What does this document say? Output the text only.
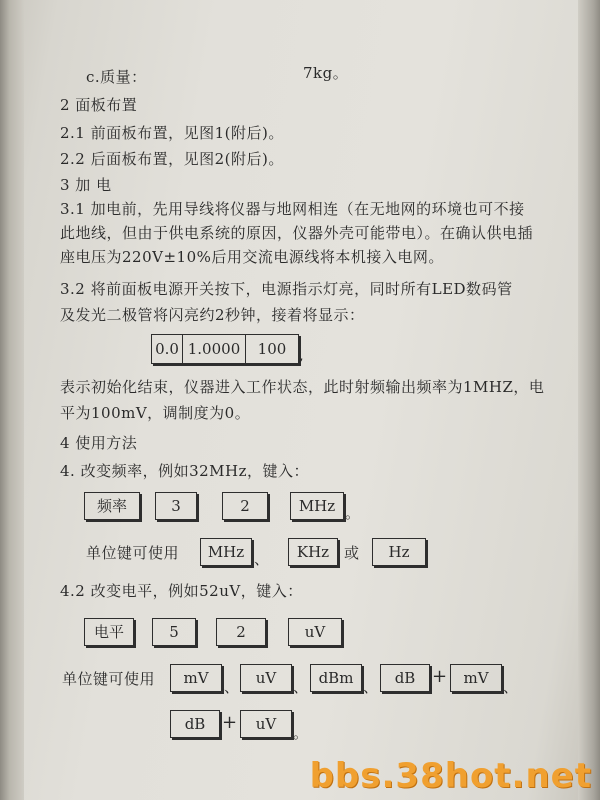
c.质量：	7kg。
2 面板布置
2.1 前面板布置，见图1(附后)。
2.2 后面板布置，见图2(附后)。
3 加 电
3.1 加电前，先用导线将仪器与地网相连（在无地网的环境也可不接
此地线，但由于供电系统的原因，仪器外壳可能带电）。在确认供电插
座电压为220V±10%后用交流电源线将本机接入电网。
3.2 将前面板电源开关按下，电源指示灯亮，同时所有LED数码管
及发光二极管将闪亮约2秒钟，接着将显示：
0.0 1.0000	100 ,
表示初始化结束，仪器进入工作状态，此时射频输出频率为1MHZ，电
平为100mV，调制度为0。
4 使用方法
4. 改变频率，例如32MHz，键入：
频率	3	2	MHz 。
单位键可使用	MHz 、	KHz 或	Hz
4.2 改变电平，例如52uV，键入：
电平	5	2	uV
单位键可使用	mV	、	uV	、 dBm 、	dB +	mV 、
dB +	uV	。
bbs.38hot.net
